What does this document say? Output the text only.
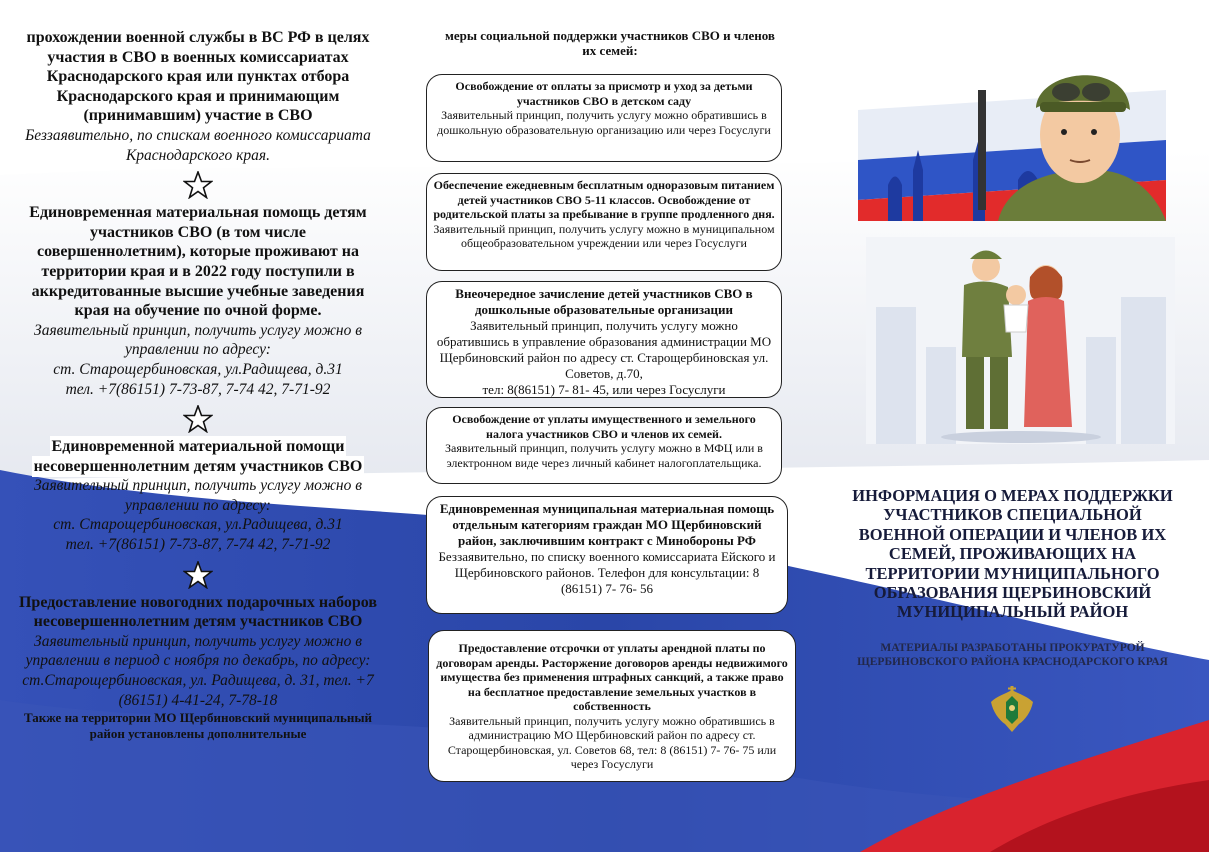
прохождении военной службы в ВС РФ в целях участия в СВО в военных комиссариатах Краснодарского края или пунктах отбора Краснодарского края и принимающим (принимавшим) участие в СВО
Беззаявительно, по спискам военного комиссариата Краснодарского края.
Единовременная материальная помощь детям участников СВО (в том числе совершеннолетним), которые проживают на территории края и в 2022 году поступили в аккредитованные высшие учебные заведения края на обучение по очной форме.
Заявительный принцип, получить услугу можно в управлении по адресу:
ст. Старощербиновская, ул.Радищева, д.31
тел. +7(86151) 7-73-87, 7-74 42, 7-71-92
Единовременной материальной помощи
несовершеннолетним детям участников СВО
Заявительный принцип, получить услугу можно в управлении по адресу:
ст. Старощербиновская, ул.Радищева, д.31
тел. +7(86151) 7-73-87, 7-74 42, 7-71-92
Предоставление новогодних подарочных наборов несовершеннолетним детям участников СВО
Заявительный принцип, получить услугу можно в управлении в период с ноября по декабрь, по адресу: ст.Старощербиновская, ул. Радищева, д. 31, тел. +7 (86151) 4-41-24, 7-78-18
Также на территории МО Щербиновский муниципальный район установлены дополнительные
меры социальной поддержки участников СВО и членов их семей:
Освобождение от оплаты за присмотр и уход за детьми участников СВО в детском саду
Заявительный принцип, получить услугу можно обратившись в дошкольную образовательную организацию или через Госуслуги
Обеспечение ежедневным бесплатным одноразовым питанием детей участников СВО 5-11 классов. Освобождение от родительской платы за пребывание в группе продленного дня. Заявительный принцип, получить услугу можно в муниципальном общеобразовательном учреждении или через Госуслуги
Внеочередное зачисление детей участников СВО в дошкольные образовательные организации
Заявительный принцип, получить услугу можно обратившись в управление образования администрации МО Щербиновский район по адресу ст. Старощербиновская ул. Советов, д.70,
тел: 8(86151) 7- 81- 45, или через Госуслуги
Освобождение от уплаты имущественного и земельного налога участников СВО и членов их семей.
Заявительный принцип, получить услугу можно в МФЦ или в электронном виде через личный кабинет налогоплательщика.
Единовременная муниципальная материальная помощь отдельным категориям граждан МО Щербиновский район, заключившим контракт с Минобороны РФ
Беззаявительно, по списку военного комиссариата Ейского и Щербиновского районов. Телефон для консультации: 8 (86151) 7- 76- 56
Предоставление отсрочки от уплаты арендной платы по договорам аренды. Расторжение договоров аренды недвижимого имущества без применения штрафных санкций, а также право на бесплатное предоставление земельных участков в собственность
Заявительный принцип, получить услугу можно обратившись в администрацию МО Щербиновский район по адресу ст. Старощербиновская, ул. Советов 68, тел: 8 (86151) 7- 76- 75 или через Госуслуги
ИНФОРМАЦИЯ О МЕРАХ ПОДДЕРЖКИ УЧАСТНИКОВ СПЕЦИАЛЬНОЙ ВОЕННОЙ ОПЕРАЦИИ И ЧЛЕНОВ ИХ СЕМЕЙ, ПРОЖИВАЮЩИХ НА ТЕРРИТОРИИ МУНИЦИПАЛЬНОГО ОБРАЗОВАНИЯ ЩЕРБИНОВСКИЙ МУНИЦИПАЛЬНЫЙ РАЙОН
МАТЕРИАЛЫ РАЗРАБОТАНЫ ПРОКУРАТУРОЙ ЩЕРБИНОВСКОГО РАЙОНА КРАСНОДАРСКОГО КРАЯ
